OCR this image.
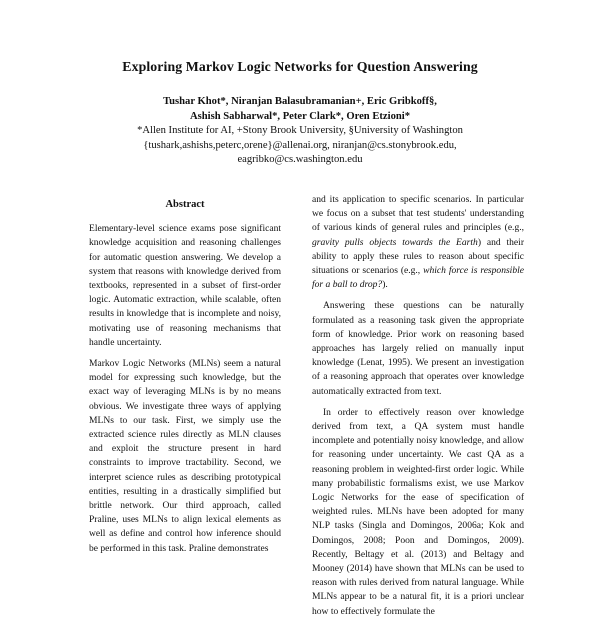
Exploring Markov Logic Networks for Question Answering
Tushar Khot*, Niranjan Balasubramanian+, Eric Gribkoff§,
Ashish Sabharwal*, Peter Clark*, Oren Etzioni*
*Allen Institute for AI, +Stony Brook University, §University of Washington
{tushark,ashishs,peterc,orene}@allenai.org, niranjan@cs.stonybrook.edu,
eagribko@cs.washington.edu
Abstract

Elementary-level science exams pose significant knowledge acquisition and reasoning challenges for automatic question answering. We develop a system that reasons with knowledge derived from textbooks, represented in a subset of first-order logic. Automatic extraction, while scalable, often results in knowledge that is incomplete and noisy, motivating use of reasoning mechanisms that handle uncertainty.

Markov Logic Networks (MLNs) seem a natural model for expressing such knowledge, but the exact way of leveraging MLNs is by no means obvious. We investigate three ways of applying MLNs to our task. First, we simply use the extracted science rules directly as MLN clauses and exploit the structure present in hard constraints to improve tractability. Second, we interpret science rules as describing prototypical entities, resulting in a drastically simplified but brittle network. Our third approach, called Praline, uses MLNs to align lexical elements as well as define and control how inference should be performed in this task. Praline demonstrates

and its application to specific scenarios. In particular we focus on a subset that test students' understanding of various kinds of general rules and principles (e.g., gravity pulls objects towards the Earth) and their ability to apply these rules to reason about specific situations or scenarios (e.g., which force is responsible for a ball to drop?).

Answering these questions can be naturally formulated as a reasoning task given the appropriate form of knowledge. Prior work on reasoning based approaches has largely relied on manually input knowledge (Lenat, 1995). We present an investigation of a reasoning approach that operates over knowledge automatically extracted from text.

In order to effectively reason over knowledge derived from text, a QA system must handle incomplete and potentially noisy knowledge, and allow for reasoning under uncertainty. We cast QA as a reasoning problem in weighted-first order logic. While many probabilistic formalisms exist, we use Markov Logic Networks for the ease of specification of weighted rules. MLNs have been adopted for many NLP tasks (Singla and Domingos, 2006a; Kok and Domingos, 2008; Poon and Domingos, 2009). Recently, Beltagy et al. (2013) and Beltagy and Mooney (2014) have shown that MLNs can be used to reason with rules derived from natural language. While MLNs appear to be a natural fit, it is a priori unclear how to effectively formulate the
